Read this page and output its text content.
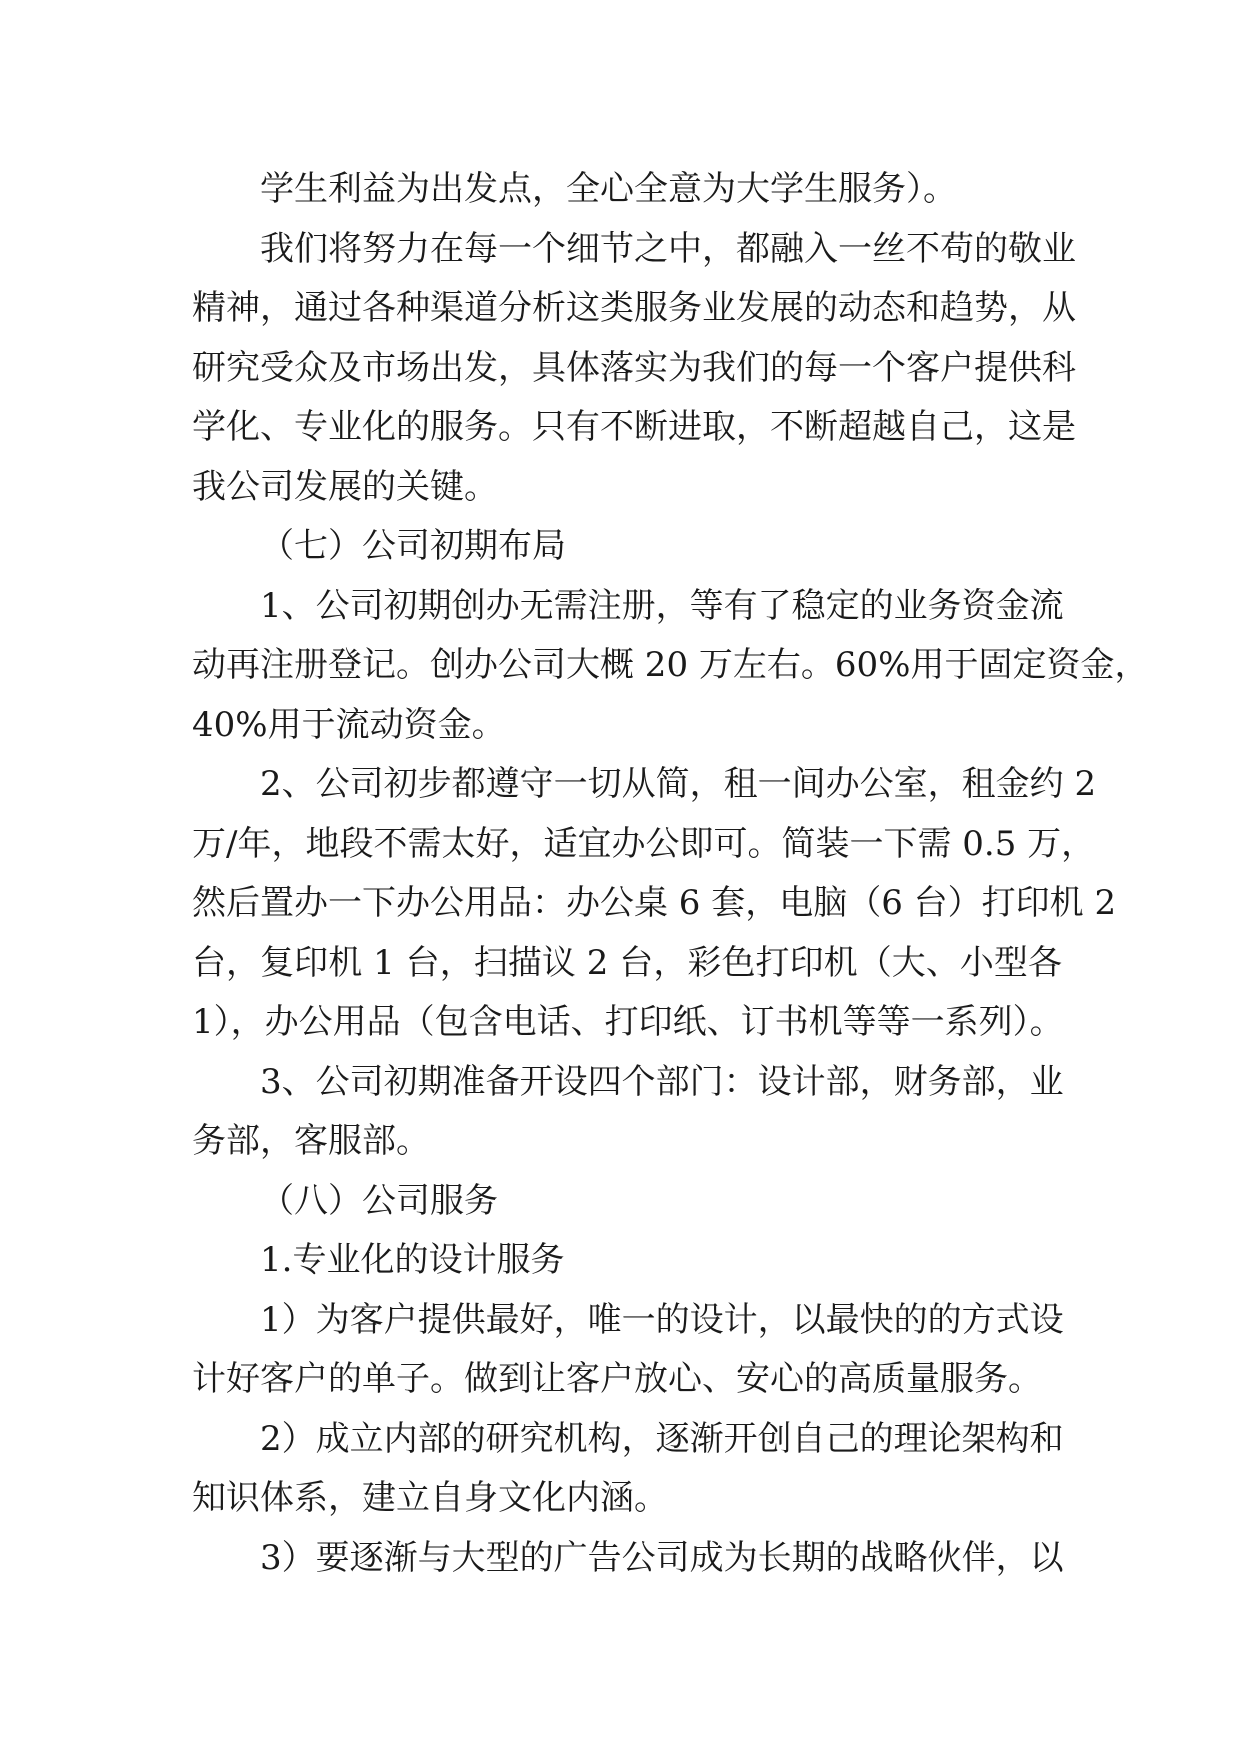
学生利益为出发点，全心全意为大学生服务）。
我们将努力在每一个细节之中，都融入一丝不苟的敬业
精神，通过各种渠道分析这类服务业发展的动态和趋势，从
研究受众及市场出发，具体落实为我们的每一个客户提供科
学化、专业化的服务。只有不断进取，不断超越自己，这是
我公司发展的关键。
（七）公司初期布局
1、公司初期创办无需注册，等有了稳定的业务资金流
动再注册登记。创办公司大概 20 万左右。60%用于固定资金，
40%用于流动资金。
2、公司初步都遵守一切从简，租一间办公室，租金约 2
万/年，地段不需太好，适宜办公即可。简装一下需 0.5 万，
然后置办一下办公用品：办公桌 6 套，电脑（6 台）打印机 2
台，复印机 1 台，扫描议 2 台，彩色打印机（大、小型各
1），办公用品（包含电话、打印纸、订书机等等一系列）。
3、公司初期准备开设四个部门：设计部，财务部，业
务部，客服部。
（八）公司服务
1.专业化的设计服务
1）为客户提供最好，唯一的设计，以最快的的方式设
计好客户的单子。做到让客户放心、安心的高质量服务。
2）成立内部的研究机构，逐渐开创自己的理论架构和
知识体系，建立自身文化内涵。
3）要逐渐与大型的广告公司成为长期的战略伙伴，以
